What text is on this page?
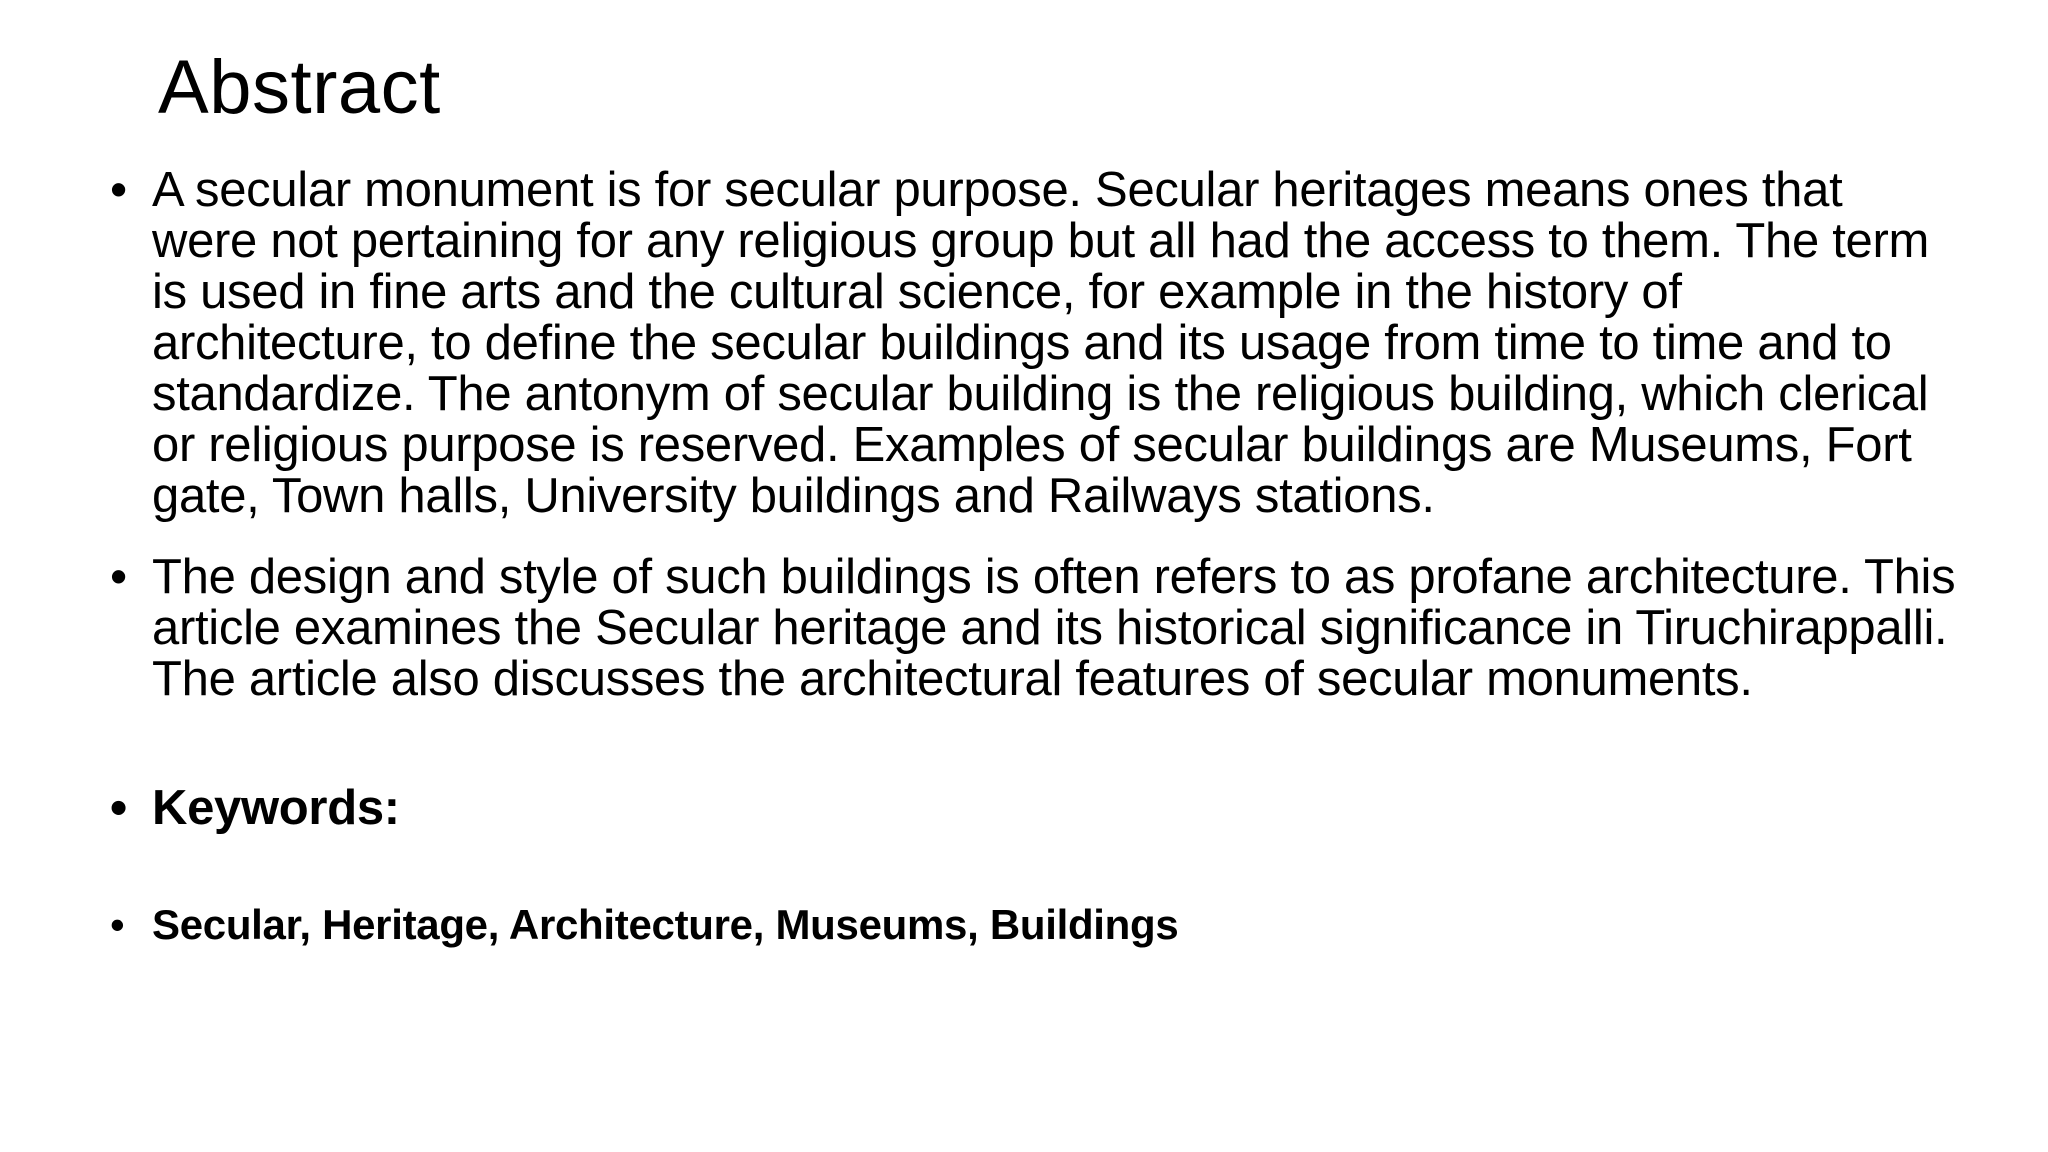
Abstract
• A secular monument is for secular purpose. Secular heritages means ones that were not pertaining for any religious group but all had the access to them. The term is used in fine arts and the cultural science, for example in the history of architecture, to define the secular buildings and its usage from time to time and to standardize. The antonym of secular building is the religious building, which clerical or religious purpose is reserved. Examples of secular buildings are Museums, Fort gate, Town halls, University buildings and Railways stations.
• The design and style of such buildings is often refers to as profane architecture. This article examines the Secular heritage and its historical significance in Tiruchirappalli. The article also discusses the architectural features of secular monuments.
• Keywords:
• Secular, Heritage, Architecture, Museums, Buildings
